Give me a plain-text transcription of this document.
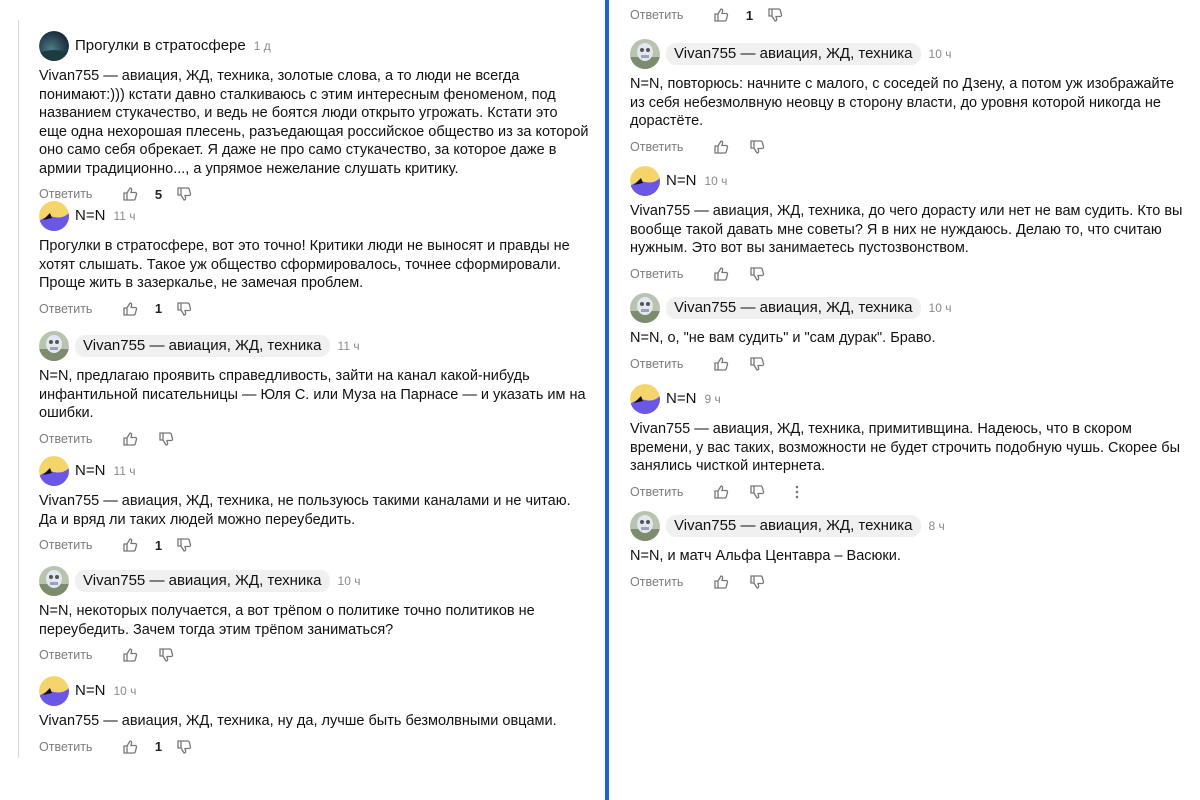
Прогулки в стратосфере 1 д
Vivan755 — авиация, ЖД, техника, золотые слова, а то люди не всегда понимают:))) кстати давно сталкиваюсь с этим интересным феноменом, под названием стукачество, и ведь не боятся люди открыто угрожать. Кстати это еще одна нехорошая плесень, разъедающая российское общество из за которой оно само себя обрекает. Я даже не про само стукачество, за которое даже в армии традиционно..., а упрямое нежелание слушать критику.
Ответить	5
N=N 11 ч
Прогулки в стратосфере, вот это точно! Критики люди не выносят и правды не хотят слышать. Такое уж общество сформировалось, точнее сформировали. Проще жить в зазеркалье, не замечая проблем.
Ответить	1
Vivan755 — авиация, ЖД, техника	11 ч
N=N, предлагаю проявить справедливость, зайти на канал какой-нибудь инфантильной писательницы — Юля С. или Муза на Парнасе — и указать им на ошибки.
Ответить
N=N 11 ч
Vivan755 — авиация, ЖД, техника, не пользуюсь такими каналами и не читаю. Да и вряд ли таких людей можно переубедить.
Ответить	1
Vivan755 — авиация, ЖД, техника	10 ч
N=N, некоторых получается, а вот трёпом о политике точно политиков не переубедить. Зачем тогда этим трёпом заниматься?
Ответить
N=N 10 ч
Vivan755 — авиация, ЖД, техника, ну да, лучше быть безмолвными овцами.
Ответить	1
Ответить	1
Vivan755 — авиация, ЖД, техника	10 ч
N=N, повторюсь: начните с малого, с соседей по Дзену, а потом уж изображайте из себя небезмолвную неовцу в сторону власти, до уровня которой никогда не дорастёте.
Ответить
N=N 10 ч
Vivan755 — авиация, ЖД, техника, до чего дорасту или нет не вам судить. Кто вы вообще такой давать мне советы? Я в них не нуждаюсь. Делаю то, что считаю нужным. Это вот вы занимаетесь пустозвонством.
Ответить
Vivan755 — авиация, ЖД, техника	10 ч
N=N, о, "не вам судить" и "сам дурак". Браво.
Ответить
N=N 9 ч
Vivan755 — авиация, ЖД, техника, примитивщина. Надеюсь, что в скором времени, у вас таких, возможности не будет строчить подобную чушь. Скорее бы занялись чисткой интернета.
Ответить
Vivan755 — авиация, ЖД, техника	8 ч
N=N, и матч Альфа Центавра – Васюки.
Ответить
